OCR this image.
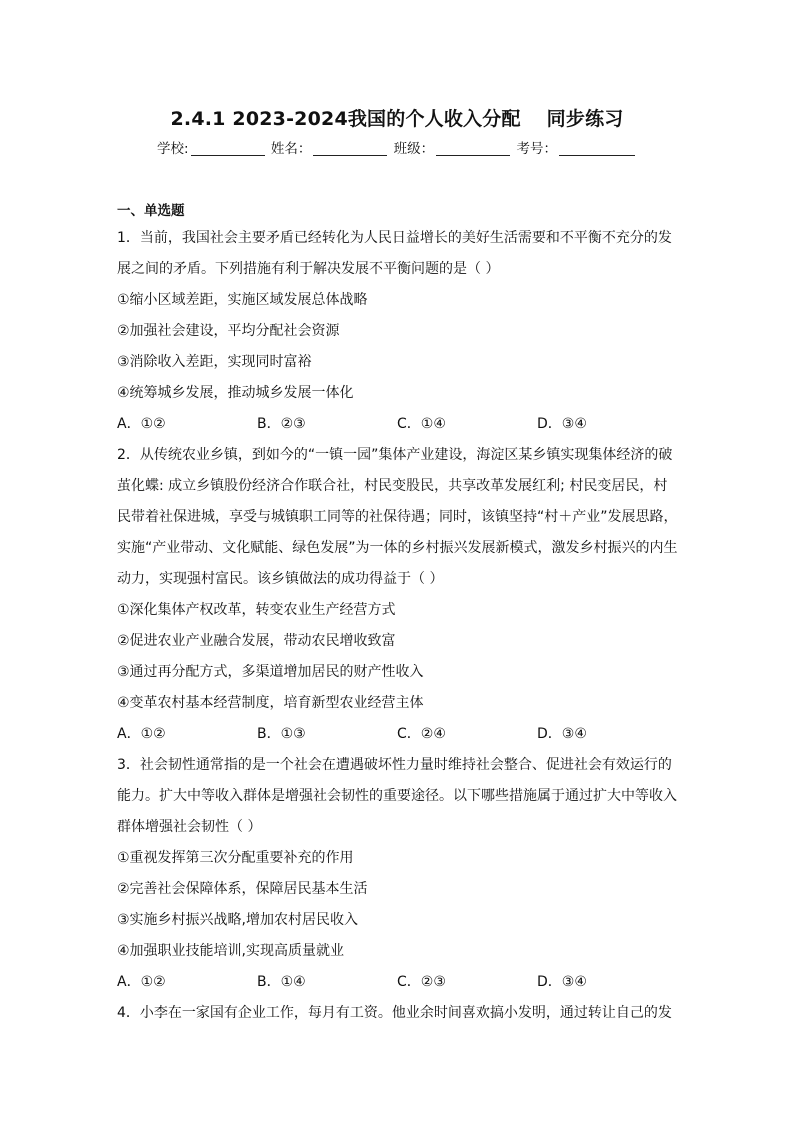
2.4.1 2023-2024我国的个人收入分配 同步练习
学校:	姓名：	班级：	考号：
一、单选题
1．当前，我国社会主要矛盾已经转化为人民日益增长的美好生活需要和不平衡不充分的发
展之间的矛盾。下列措施有利于解决发展不平衡问题的是（ ）
①缩小区域差距，实施区域发展总体战略
②加强社会建设，平均分配社会资源
③消除收入差距，实现同时富裕
④统筹城乡发展，推动城乡发展一体化
A．①②	B．②③	C．①④	D．③④
2．从传统农业乡镇，到如今的“一镇一园”集体产业建设，海淀区某乡镇实现集体经济的破
茧化蝶: 成立乡镇股份经济合作联合社，村民变股民，共享改革发展红利; 村民变居民，村
民带着社保进城，享受与城镇职工同等的社保待遇；同时，该镇坚持“村＋产业”发展思路，
实施“产业带动、文化赋能、绿色发展”为一体的乡村振兴发展新模式，激发乡村振兴的内生
动力，实现强村富民。该乡镇做法的成功得益于（ ）
①深化集体产权改革，转变农业生产经营方式
②促进农业产业融合发展，带动农民增收致富
③通过再分配方式，多渠道增加居民的财产性收入
④变革农村基本经营制度，培育新型农业经营主体
A．①②	B．①③	C．②④	D．③④
3．社会韧性通常指的是一个社会在遭遇破坏性力量时维持社会整合、促进社会有效运行的
能力。扩大中等收入群体是增强社会韧性的重要途径。以下哪些措施属于通过扩大中等收入
群体增强社会韧性（ ）
①重视发挥第三次分配重要补充的作用
②完善社会保障体系，保障居民基本生活
③实施乡村振兴战略,增加农村居民收入
④加强职业技能培训,实现高质量就业
A．①②	B．①④	C．②③	D．③④
4．小李在一家国有企业工作，每月有工资。他业余时间喜欢搞小发明，通过转让自己的发
